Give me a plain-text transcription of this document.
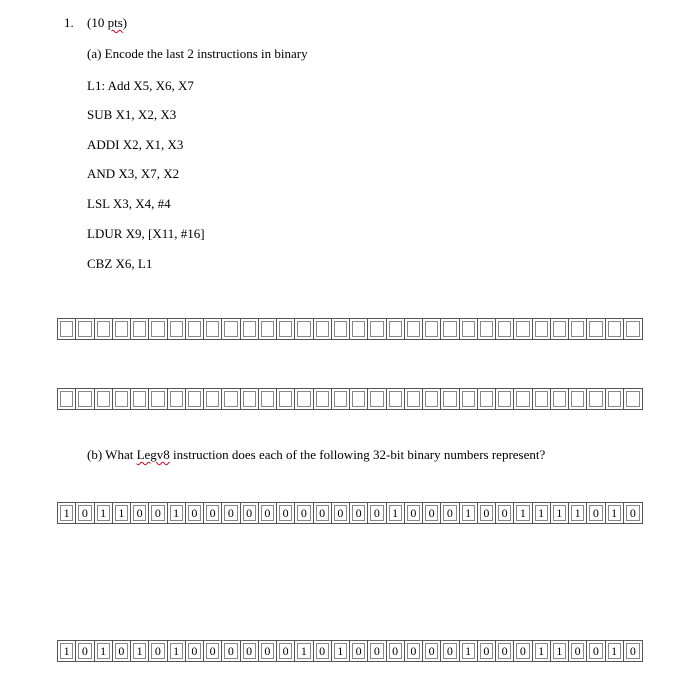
1. (10 pts)
(a) Encode the last 2 instructions in binary
L1: Add X5, X6, X7
SUB X1, X2, X3
ADDI X2, X1, X3
AND X3, X7, X2
LSL X3, X4, #4
LDUR X9, [X11, #16]
CBZ X6, L1
(b) What Legv8 instruction does each of the following 32-bit binary numbers represent?
1	0	1	1	0	0	1	0	0	0	0	0	0	0	0	0	0	0	1	0	0	0	1	0	0	1	1	1	1	0	1	0
1	0	1	0	1	0	1	0	0	0	0	0	0	1	0	1	0	0	0	0	0	0	1	0	0	0	1	1	0	0	1	0
